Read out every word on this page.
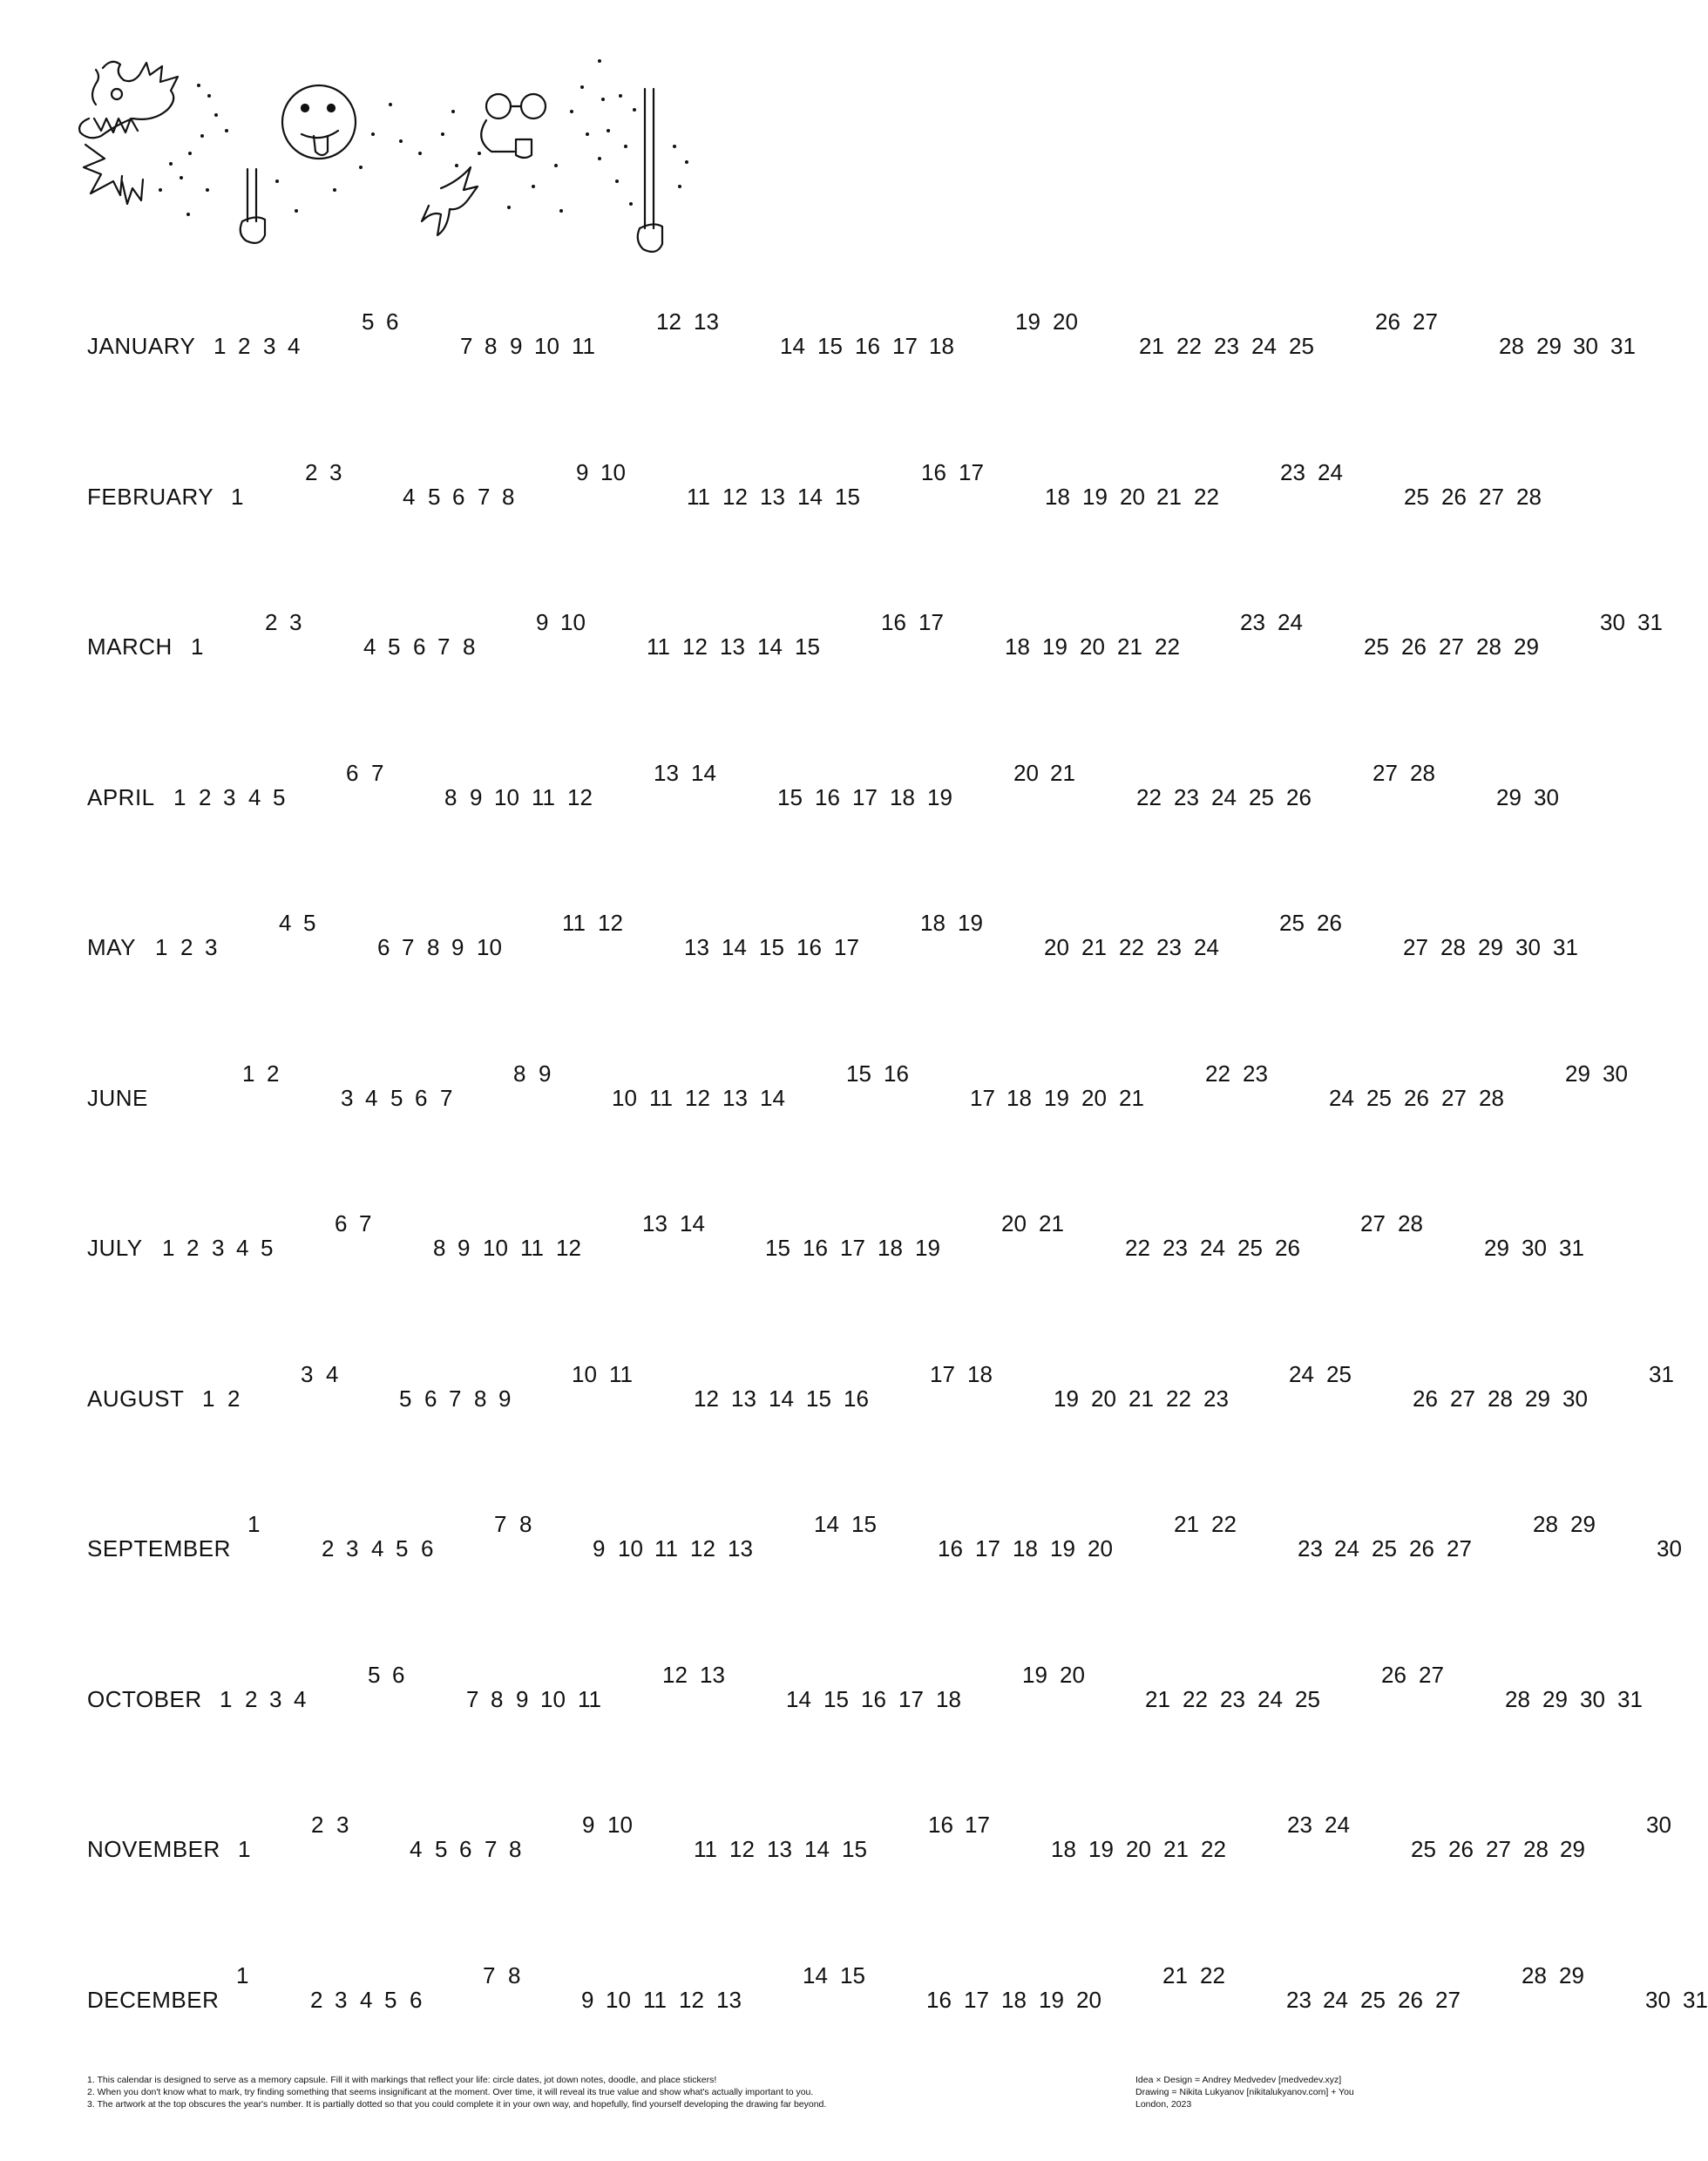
JANUARY 1 2 3 4
5 6
7 8 9 10 11
12 13
14 15 16 17 18
19 20
21 22 23 24 25
26 27
28 29 30 31
FEBRUARY 1
2 3
4 5 6 7 8
9 10
11 12 13 14 15
16 17
18 19 20 21 22
23 24
25 26 27 28
MARCH 1
2 3
4 5 6 7 8
9 10
11 12 13 14 15
16 17
18 19 20 21 22
23 24
25 26 27 28 29
30 31
APRIL 1 2 3 4 5
6 7
8 9 10 11 12
13 14
15 16 17 18 19
20 21
22 23 24 25 26
27 28
29 30
MAY 1 2 3
4 5
6 7 8 9 10
11 12
13 14 15 16 17
18 19
20 21 22 23 24
25 26
27 28 29 30 31
JUNE
1 2
3 4 5 6 7
8 9
10 11 12 13 14
15 16
17 18 19 20 21
22 23
24 25 26 27 28
29 30
JULY 1 2 3 4 5
6 7
8 9 10 11 12
13 14
15 16 17 18 19
20 21
22 23 24 25 26
27 28
29 30 31
AUGUST 1 2
3 4
5 6 7 8 9
10 11
12 13 14 15 16
17 18
19 20 21 22 23
24 25
26 27 28 29 30
31
SEPTEMBER
1
2 3 4 5 6
7 8
9 10 11 12 13
14 15
16 17 18 19 20
21 22
23 24 25 26 27
28 29
30
OCTOBER 1 2 3 4
5 6
7 8 9 10 11
12 13
14 15 16 17 18
19 20
21 22 23 24 25
26 27
28 29 30 31
NOVEMBER 1
2 3
4 5 6 7 8
9 10
11 12 13 14 15
16 17
18 19 20 21 22
23 24
25 26 27 28 29
30
DECEMBER
1
2 3 4 5 6
7 8
9 10 11 12 13
14 15
16 17 18 19 20
21 22
23 24 25 26 27
28 29
30 31
1. This calendar is designed to serve as a memory capsule. Fill it with markings that reflect your life: circle dates, jot down notes, doodle, and place stickers!
2. When you don't know what to mark, try finding something that seems insignificant at the moment. Over time, it will reveal its true value and show what's actually important to you.
3. The artwork at the top obscures the year's number. It is partially dotted so that you could complete it in your own way, and hopefully, find yourself developing the drawing far beyond.
Idea × Design = Andrey Medvedev [medvedev.xyz]
Drawing = Nikita Lukyanov [nikitalukyanov.com] + You
London, 2023
